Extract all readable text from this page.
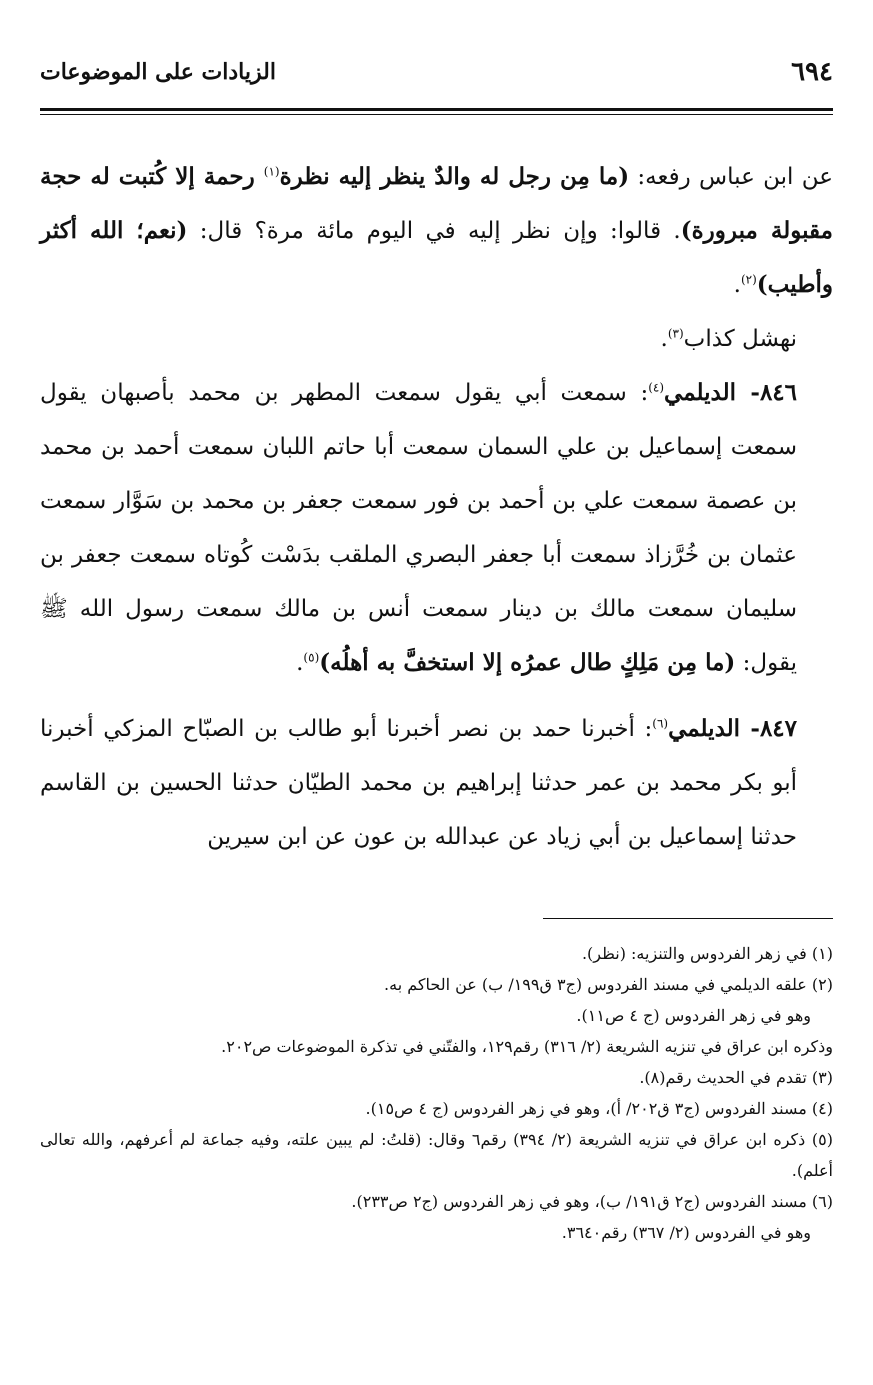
٦٩٤
الزيادات على الموضوعات

عن ابن عباس رفعه: (ما مِن رجل له والدٌ ينظر إليه نظرة$^{(١)}$ رحمة إلا كُتبت له حجة مقبولة مبرورة). قالوا: وإن نظر إليه في اليوم مائة مرة؟ قال: (نعم؛ الله أكثر وأطيب)$^{(٢)}$.

نهشل كذاب$^{(٣)}$.

٨٤٦- الديلمي$^{(٤)}$: سمعت أبي يقول سمعت المطهر بن محمد بأصبهان يقول سمعت إسماعيل بن علي السمان سمعت أبا حاتم اللبان سمعت أحمد بن محمد بن عصمة سمعت علي بن أحمد بن فور سمعت جعفر بن محمد بن سَوَّار سمعت عثمان بن خُرَّزاذ سمعت أبا جعفر البصري الملقب بدَسْت كُوتاه سمعت جعفر بن سليمان سمعت مالك بن دينار سمعت أنس بن مالك سمعت رسول الله ﷺ يقول: (ما مِن مَلِكٍ طال عمرُه إلا استخفَّ به أهلُه)$^{(٥)}$.

٨٤٧- الديلمي$^{(٦)}$: أخبرنا حمد بن نصر أخبرنا أبو طالب بن الصبّاح المزكي أخبرنا أبو بكر محمد بن عمر حدثنا إبراهيم بن محمد الطيّان حدثنا الحسين بن القاسم حدثنا إسماعيل بن أبي زياد عن عبدالله بن عون عن ابن سيرين

(١) في زهر الفردوس والتنزيه: (نظر).

(٢) علقه الديلمي في مسند الفردوس (ج٣ ق١٩٩/ ب) عن الحاكم به.

وهو في زهر الفردوس (ج ٤ ص١١).

وذكره ابن عراق في تنزيه الشريعة (٢/ ٣١٦) رقم١٢٩، والفتّني في تذكرة الموضوعات ص٢٠٢.

(٣) تقدم في الحديث رقم(٨).

(٤) مسند الفردوس (ج٣ ق٢٠٢/ أ)، وهو في زهر الفردوس (ج ٤ ص١٥).

(٥) ذكره ابن عراق في تنزيه الشريعة (٢/ ٣٩٤) رقم٦ وقال: (قلتُ: لم يبين علته، وفيه جماعة لم أعرفهم، والله تعالى أعلم).

(٦) مسند الفردوس (ج٢ ق١٩١/ ب)، وهو في زهر الفردوس (ج٢ ص٢٣٣).

وهو في الفردوس (٢/ ٣٦٧) رقم٣٦٤٠.
